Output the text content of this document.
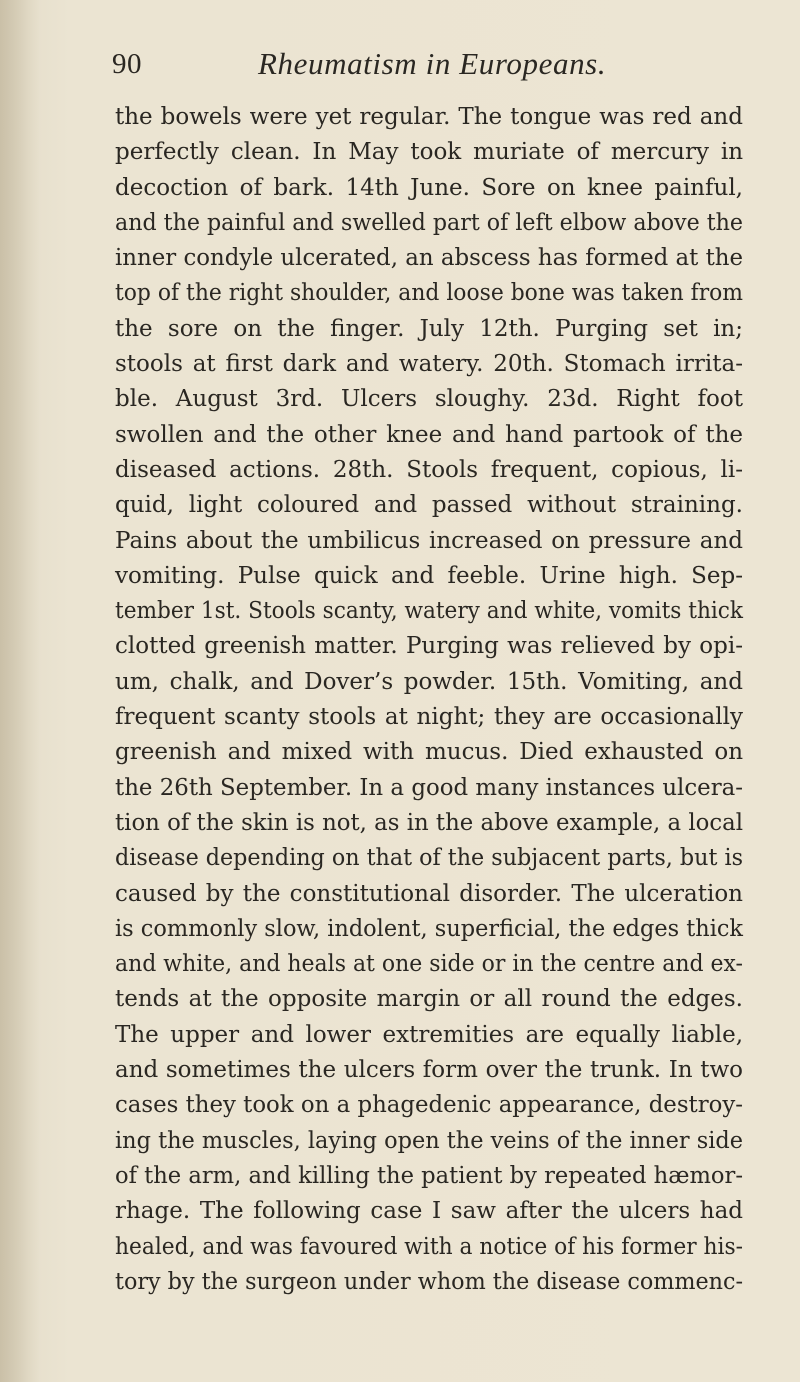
90	Rheumatism in Europeans.
the bowels were yet regular. The tongue was red and
perfectly clean. In May took muriate of mercury in
decoction of bark. 14th June. Sore on knee painful,
and the painful and swelled part of left elbow above the
inner condyle ulcerated, an abscess has formed at the
top of the right shoulder, and loose bone was taken from
the sore on the finger. July 12th. Purging set in;
stools at first dark and watery. 20th. Stomach irrita-
ble. August 3rd. Ulcers sloughy. 23d. Right foot
swollen and the other knee and hand partook of the
diseased actions. 28th. Stools frequent, copious, li-
quid, light coloured and passed without straining.
Pains about the umbilicus increased on pressure and
vomiting. Pulse quick and feeble. Urine high. Sep-
tember 1st. Stools scanty, watery and white, vomits thick
clotted greenish matter. Purging was relieved by opi-
um, chalk, and Dover’s powder. 15th. Vomiting, and
frequent scanty stools at night; they are occasionally
greenish and mixed with mucus. Died exhausted on
the 26th September. In a good many instances ulcera-
tion of the skin is not, as in the above example, a local
disease depending on that of the subjacent parts, but is
caused by the constitutional disorder. The ulceration
is commonly slow, indolent, superficial, the edges thick
and white, and heals at one side or in the centre and ex-
tends at the opposite margin or all round the edges.
The upper and lower extremities are equally liable,
and sometimes the ulcers form over the trunk. In two
cases they took on a phagedenic appearance, destroy-
ing the muscles, laying open the veins of the inner side
of the arm, and killing the patient by repeated hæmor-
rhage. The following case I saw after the ulcers had
healed, and was favoured with a notice of his former his-
tory by the surgeon under whom the disease commenc-
